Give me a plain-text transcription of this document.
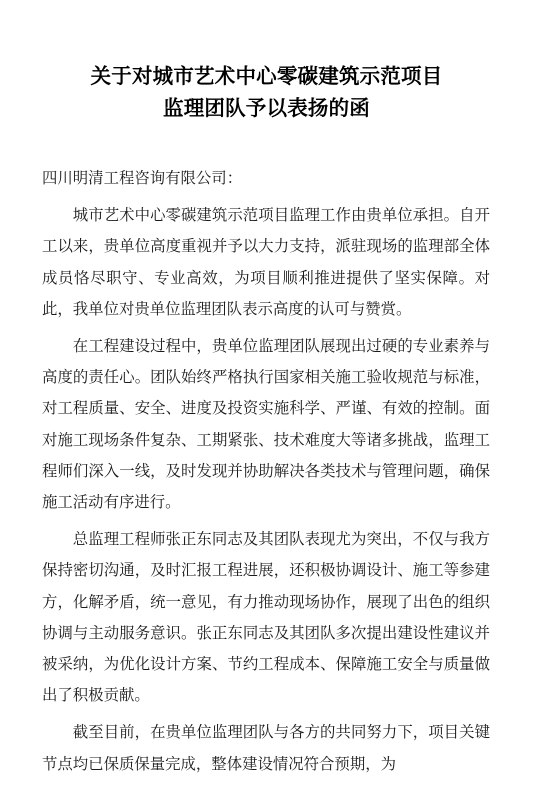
关于对城市艺术中心零碳建筑示范项目
监理团队予以表扬的函

四川明清工程咨询有限公司：

城市艺术中心零碳建筑示范项目监理工作由贵单位承担。自开工以来，贵单位高度重视并予以大力支持，派驻现场的监理部全体成员恪尽职守、专业高效，为项目顺利推进提供了坚实保障。对此，我单位对贵单位监理团队表示高度的认可与赞赏。

在工程建设过程中，贵单位监理团队展现出过硬的专业素养与高度的责任心。团队始终严格执行国家相关施工验收规范与标准，对工程质量、安全、进度及投资实施科学、严谨、有效的控制。面对施工现场条件复杂、工期紧张、技术难度大等诸多挑战，监理工程师们深入一线，及时发现并协助解决各类技术与管理问题，确保施工活动有序进行。

总监理工程师张正东同志及其团队表现尤为突出，不仅与我方保持密切沟通，及时汇报工程进展，还积极协调设计、施工等参建方，化解矛盾，统一意见，有力推动现场协作，展现了出色的组织协调与主动服务意识。张正东同志及其团队多次提出建设性建议并被采纳，为优化设计方案、节约工程成本、保障施工安全与质量做出了积极贡献。

截至目前，在贵单位监理团队与各方的共同努力下，项目关键节点均已保质保量完成，整体建设情况符合预期，为
